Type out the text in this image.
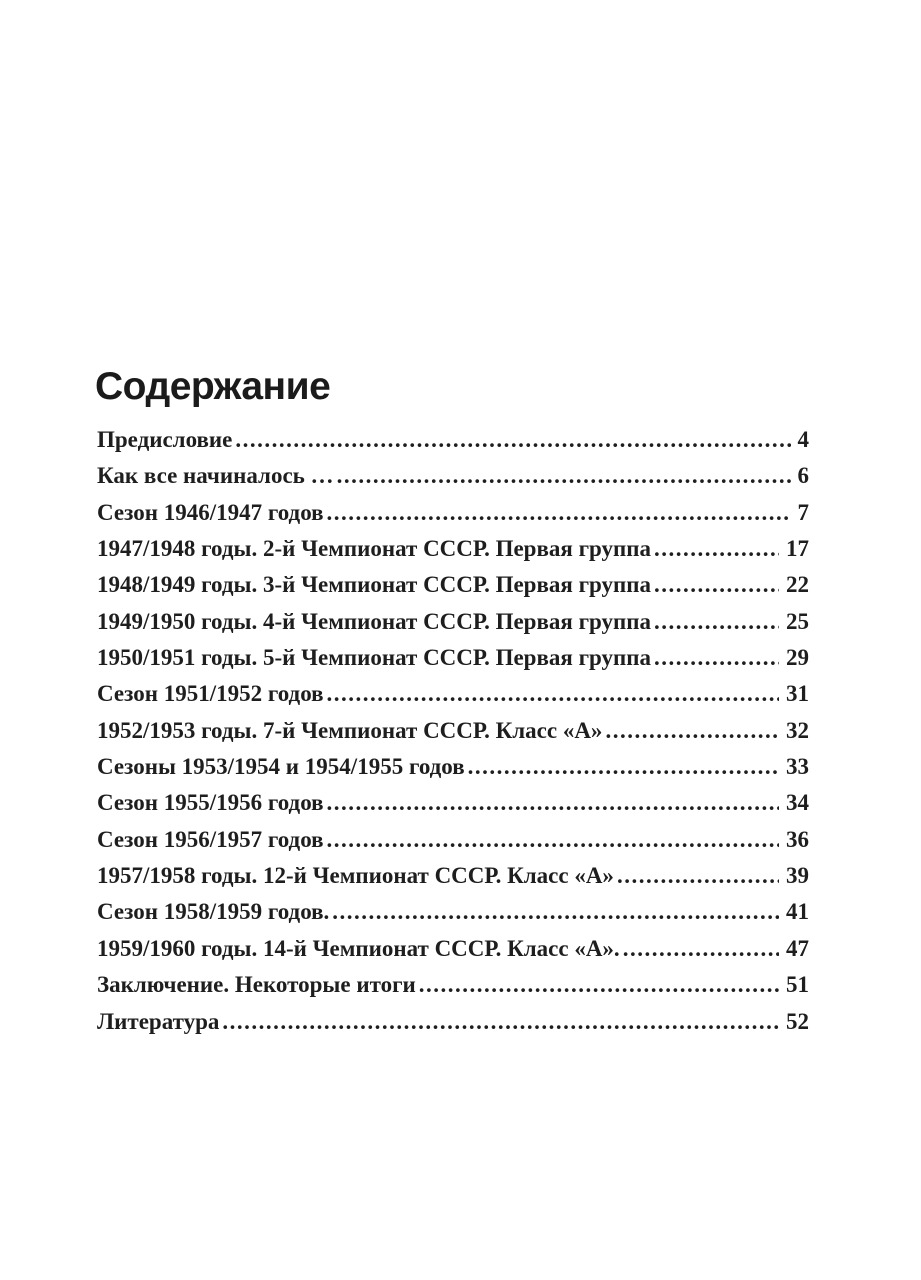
Содержание
Предисловие .....	4
Как все начиналось … .....	6
Сезон 1946/1947 годов .....	7
1947/1948 годы. 2-й Чемпионат СССР. Первая группа .....	17
1948/1949 годы. 3-й Чемпионат СССР. Первая группа .....	22
1949/1950 годы. 4-й Чемпионат СССР. Первая группа .....	25
1950/1951 годы. 5-й Чемпионат СССР. Первая группа .....	29
Сезон 1951/1952 годов .....	31
1952/1953 годы. 7-й Чемпионат СССР. Класс «А» .....	32
Сезоны 1953/1954 и 1954/1955 годов .....	33
Сезон 1955/1956 годов .....	34
Сезон 1956/1957 годов .....	36
1957/1958 годы. 12-й Чемпионат СССР. Класс «А» .....	39
Сезон 1958/1959 годов. .....	41
1959/1960 годы. 14-й Чемпионат СССР. Класс «А». .....	47
Заключение. Некоторые итоги .....	51
Литература .....	52
